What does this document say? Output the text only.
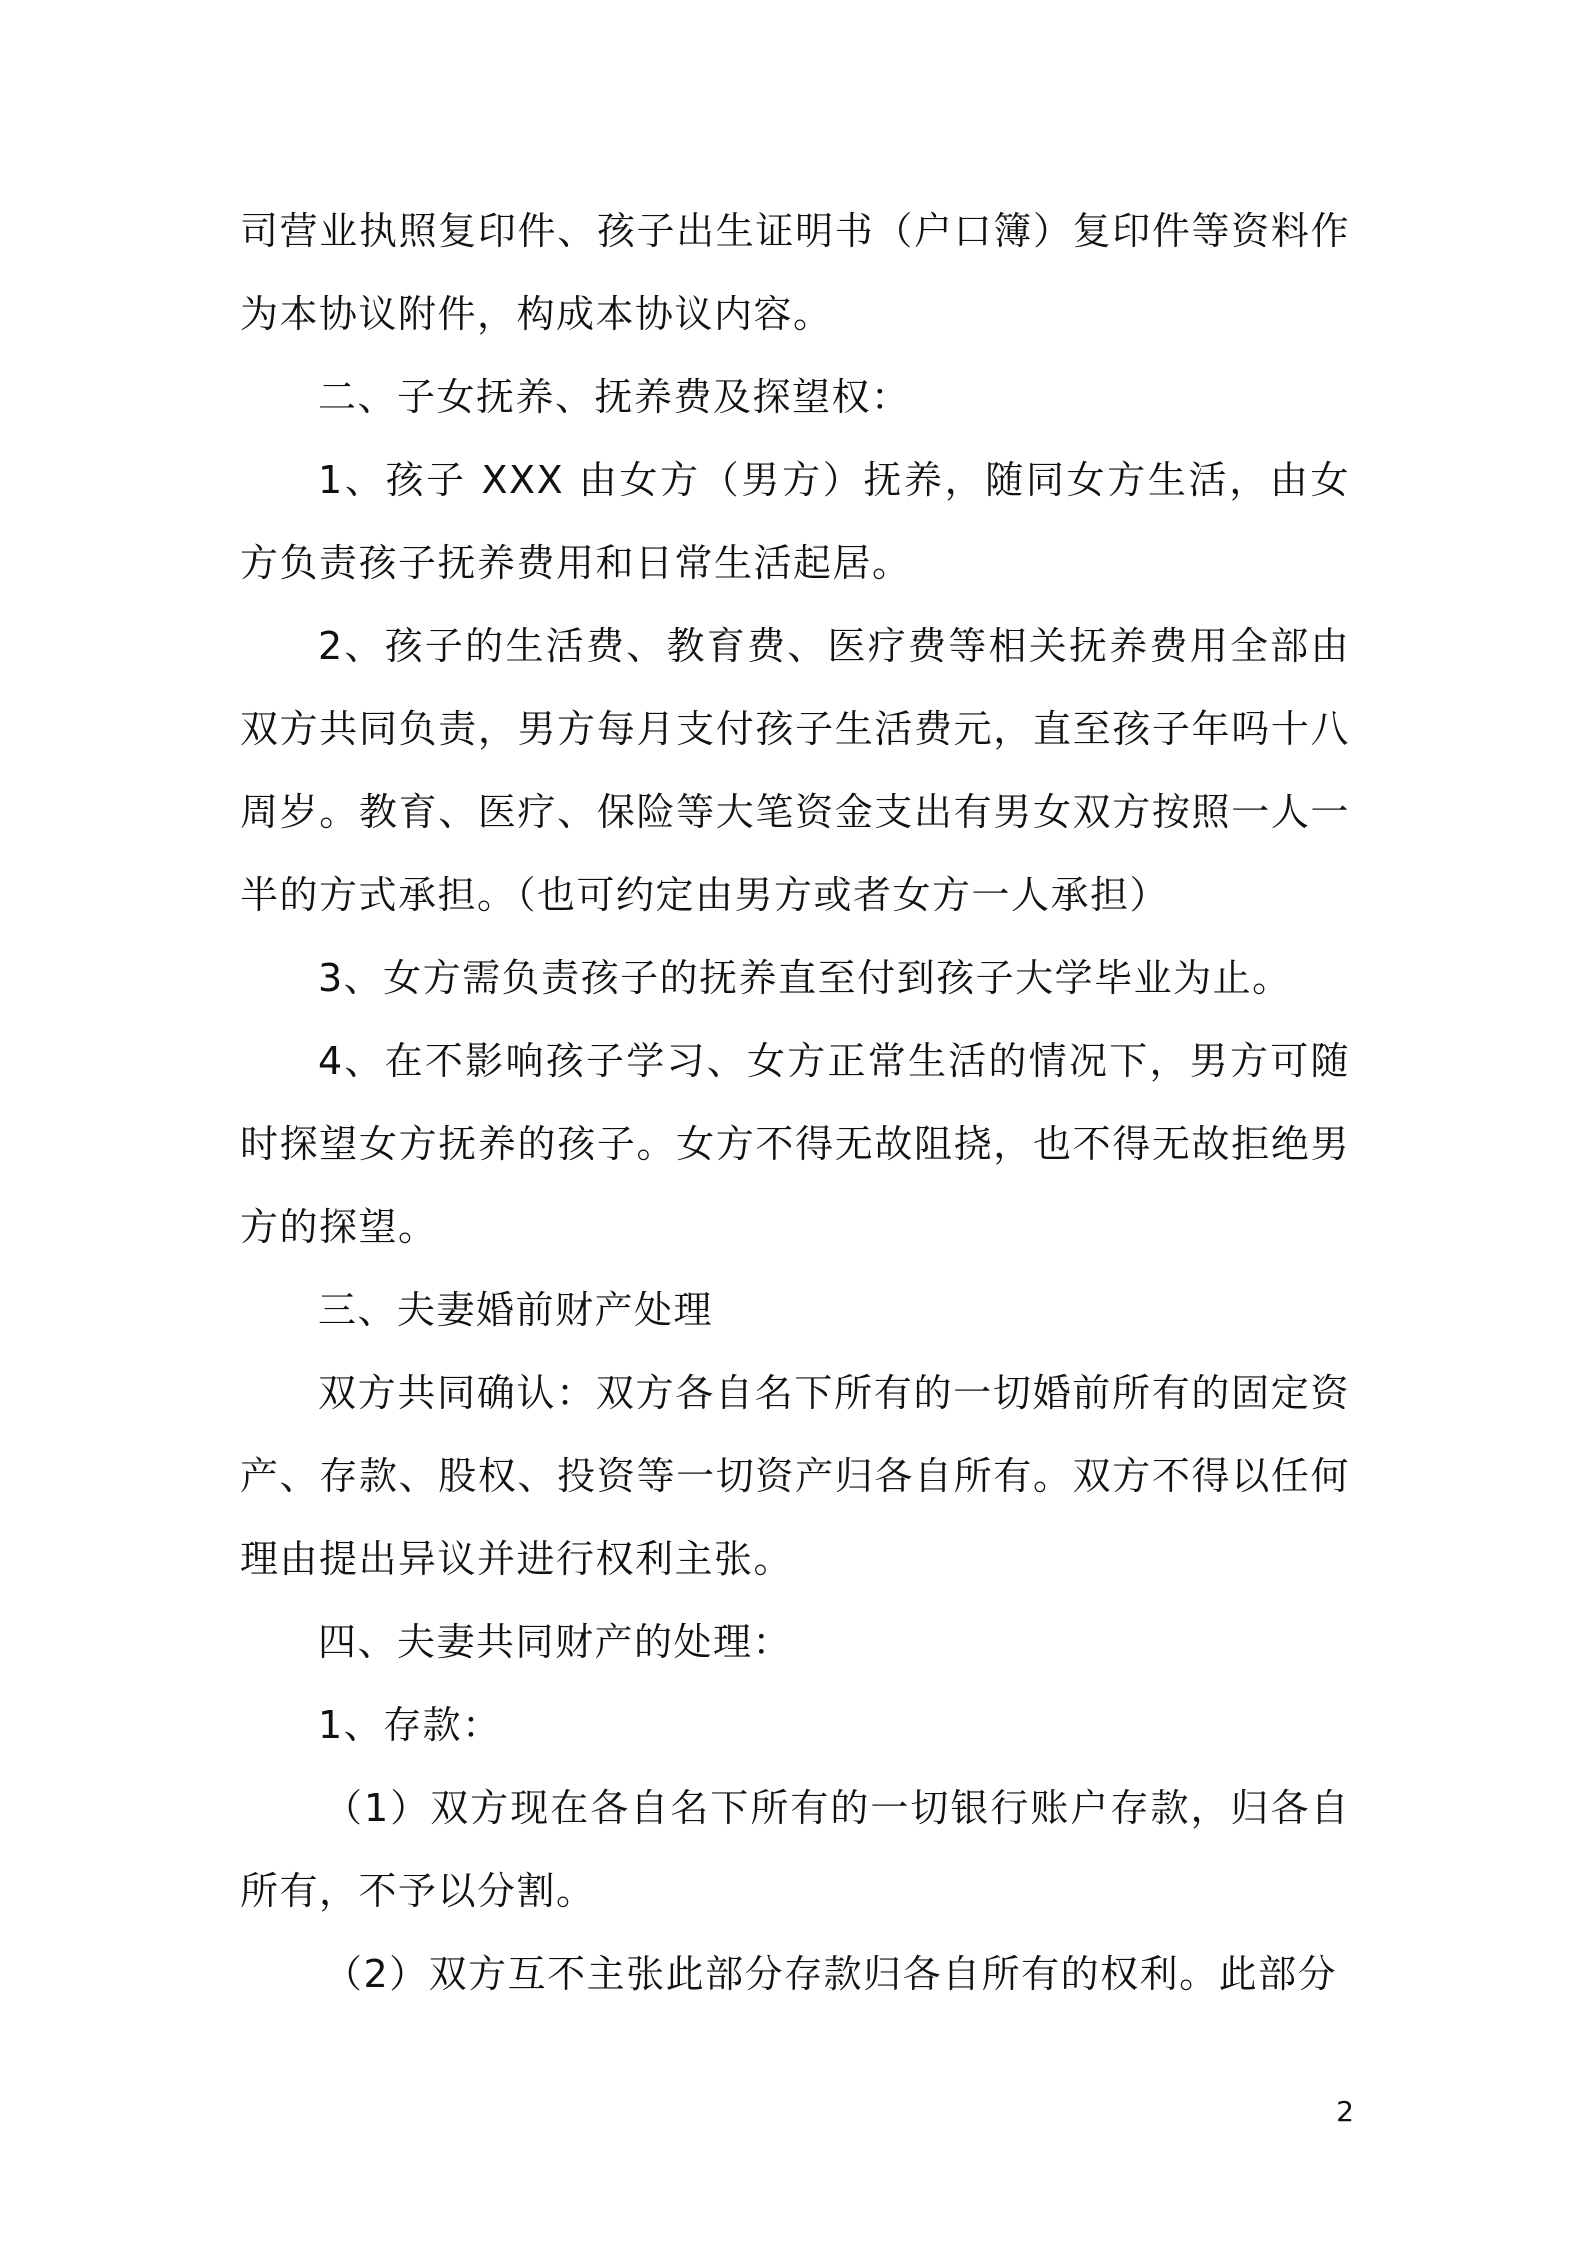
司营业执照复印件、孩子出生证明书（户口簿）复印件等资料作为本协议附件，构成本协议内容。

二、子女抚养、抚养费及探望权：

1、孩子 XXX 由女方（男方）抚养，随同女方生活，由女方负责孩子抚养费用和日常生活起居。

2、孩子的生活费、教育费、医疗费等相关抚养费用全部由双方共同负责，男方每月支付孩子生活费元，直至孩子年吗十八周岁。教育、医疗、保险等大笔资金支出有男女双方按照一人一半的方式承担。（也可约定由男方或者女方一人承担）

3、女方需负责孩子的抚养直至付到孩子大学毕业为止。

4、在不影响孩子学习、女方正常生活的情况下，男方可随时探望女方抚养的孩子。女方不得无故阻挠，也不得无故拒绝男方的探望。

三、夫妻婚前财产处理

双方共同确认：双方各自名下所有的一切婚前所有的固定资产、存款、股权、投资等一切资产归各自所有。双方不得以任何理由提出异议并进行权利主张。

四、夫妻共同财产的处理：

1、存款：

（1）双方现在各自名下所有的一切银行账户存款，归各自所有，不予以分割。

（2）双方互不主张此部分存款归各自所有的权利。此部分

2
